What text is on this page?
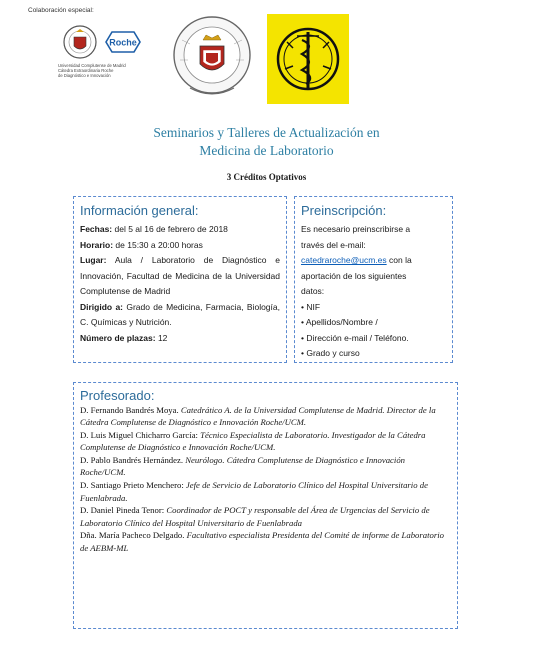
Colaboración especial:
Roche
Universidad Complutense de Madrid
Cátedra Extraordinaria Roche
de Diagnóstico e Innovación
Seminarios y Talleres de Actualización en
Medicina de Laboratorio
3 Créditos Optativos
Información general:
Fechas: del 5 al 16 de febrero de 2018
Horario: de 15:30 a 20:00 horas
Lugar: Aula / Laboratorio de Diagnóstico e Innovación, Facultad de Medicina de la Universidad Complutense de Madrid
Dirigido a: Grado de Medicina, Farmacia, Biología, C. Químicas y Nutrición.
Número de plazas: 12
Preinscripción:
Es necesario preinscribirse a
través del e-mail:
catedraroche@ucm.es con la
aportación de los siguientes
datos:
• NIF
• Apellidos/Nombre /
• Dirección e-mail / Teléfono.
• Grado y curso
Profesorado:
D. Fernando Bandrés Moya. Catedrático A. de la Universidad Complutense de Madrid. Director de la Cátedra Complutense de Diagnóstico e Innovación Roche/UCM.
D. Luis Miguel Chicharro García: Técnico Especialista de Laboratorio. Investigador de la Cátedra Complutense de Diagnóstico e Innovación Roche/UCM.
D. Pablo Bandrés Hernández. Neurólogo. Cátedra Complutense de Diagnóstico e Innovación Roche/UCM.
D. Santiago Prieto Menchero: Jefe de Servicio de Laboratorio Clínico del Hospital Universitario de Fuenlabrada.
D. Daniel Pineda Tenor: Coordinador de POCT y responsable del Área de Urgencias del Servicio de Laboratorio Clínico del Hospital Universitario de Fuenlabrada
Dña. María Pacheco Delgado. Facultativo especialista Presidenta del Comité de informe de Laboratorio de AEBM-ML
